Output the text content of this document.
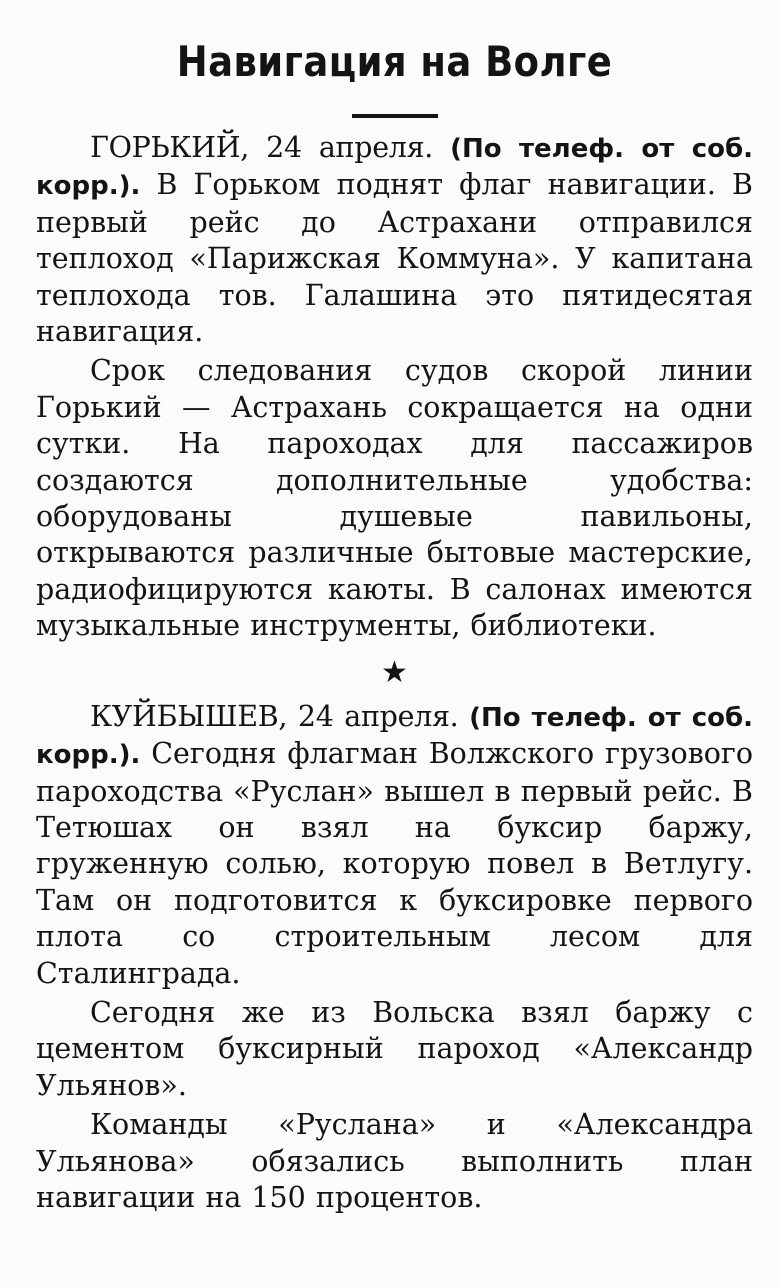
Навигация на Волге

ГОРЬКИЙ, 24 апреля. (По телеф. от соб. корр.). В Горьком поднят флаг навигации. В первый рейс до Астрахани отправился теплоход «Парижская Коммуна». У капитана теплохода тов. Галашина это пятидесятая навигация.

Срок следования судов скорой линии Горький — Астрахань сокращается на одни сутки. На пароходах для пассажиров создаются дополнительные удобства: оборудованы душевые павильоны, открываются различные бытовые мастерские, радиофицируются каюты. В салонах имеются музыкальные инструменты, библиотеки.

★

КУЙБЫШЕВ, 24 апреля. (По телеф. от соб. корр.). Сегодня флагман Волжского грузового пароходства «Руслан» вышел в первый рейс. В Тетюшах он взял на буксир баржу, груженную солью, которую повел в Ветлугу. Там он подготовится к буксировке первого плота со строительным лесом для Сталинграда.

Сегодня же из Вольска взял баржу с цементом буксирный пароход «Александр Ульянов».

Команды «Руслана» и «Александра Ульянова» обязались выполнить план навигации на 150 процентов.
